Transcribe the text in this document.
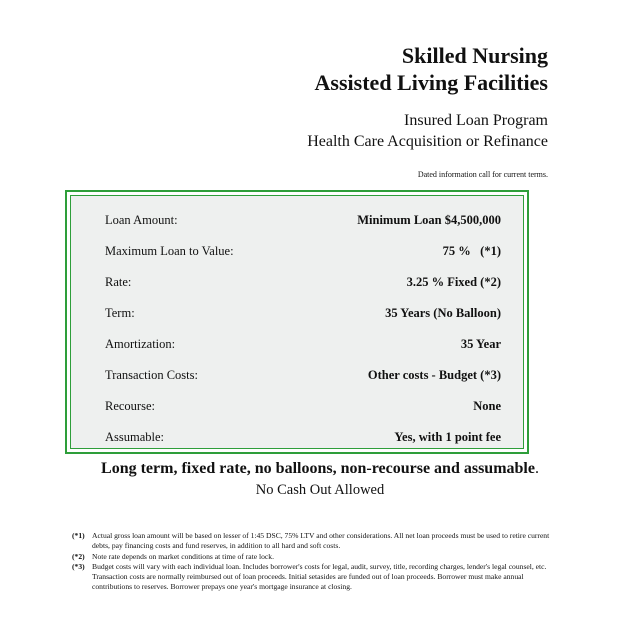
Skilled Nursing
Assisted Living Facilities
Insured Loan Program
Health Care Acquisition or Refinance
Dated information call for current terms.
Loan Amount:	Minimum Loan $4,500,000
Maximum Loan to Value:	75 %   (*1)
Rate:	3.25 % Fixed (*2)
Term:	35 Years (No Balloon)
Amortization:	35 Year
Transaction Costs:	Other costs - Budget (*3)
Recourse:	None
Assumable:	Yes, with 1 point fee
Long term, fixed rate, no balloons, non-recourse and assumable.
No Cash Out Allowed
(*1) Actual gross loan amount will be based on lesser of 1:45 DSC, 75% LTV and other considerations. All net loan proceeds must be used to retire current debts, pay financing costs and fund reserves, in addition to all hard and soft costs.
(*2) Note rate depends on market conditions at time of rate lock.
(*3) Budget costs will vary with each individual loan. Includes borrower's costs for legal, audit, survey, title, recording charges, lender's legal counsel, etc. Transaction costs are normally reimbursed out of loan proceeds. Initial setasides are funded out of loan proceeds. Borrower must make annual contributions to reserves. Borrower prepays one year's mortgage insurance at closing.
